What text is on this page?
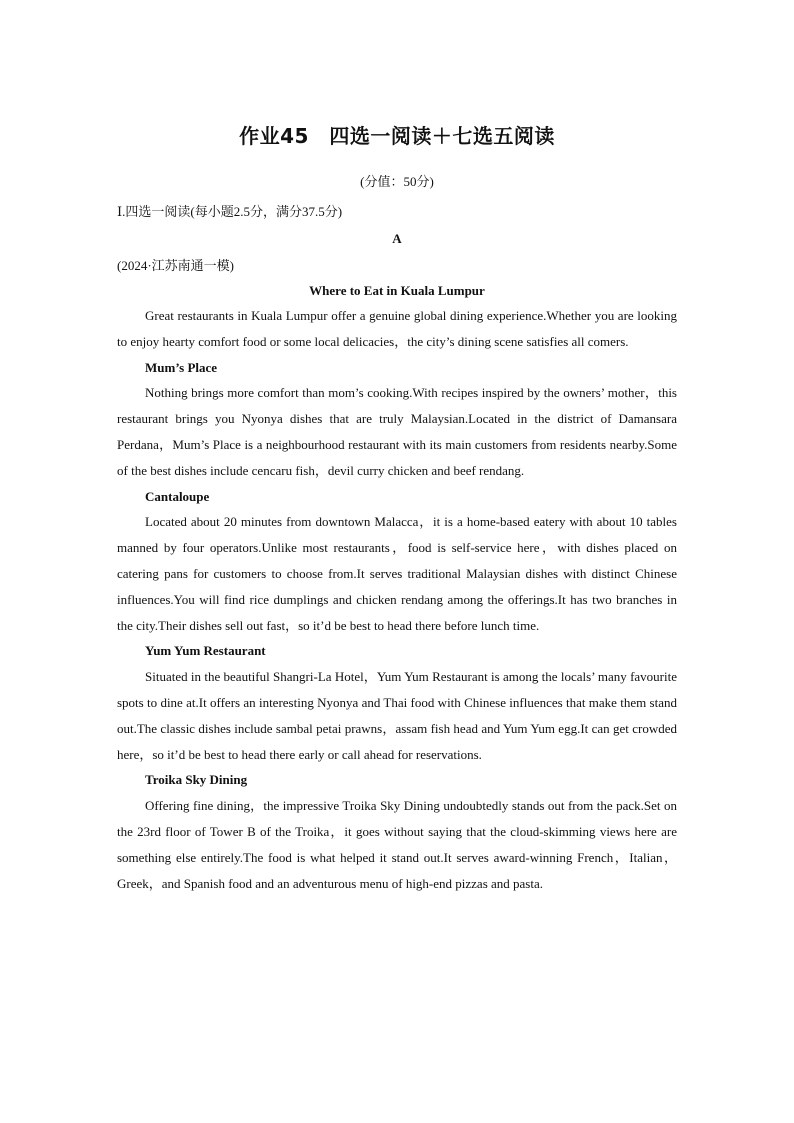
作业45　四选一阅读＋七选五阅读

(分值：50分)

Ⅰ.四选一阅读(每小题2.5分，满分37.5分)

A

(2024·江苏南通一模)

Where to Eat in Kuala Lumpur

Great restaurants in Kuala Lumpur offer a genuine global dining experience.Whether you are looking to enjoy hearty comfort food or some local delicacies，the city’s dining scene satisfies all comers.

Mum’s Place

Nothing brings more comfort than mom’s cooking.With recipes inspired by the owners’ mother，this restaurant brings you Nyonya dishes that are truly Malaysian.Located in the district of Damansara Perdana，Mum’s Place is a neighbourhood restaurant with its main customers from residents nearby.Some of the best dishes include cencaru fish，devil curry chicken and beef rendang.

Cantaloupe

Located about 20 minutes from downtown Malacca，it is a home-based eatery with about 10 tables manned by four operators.Unlike most restaurants，food is self-service here，with dishes placed on catering pans for customers to choose from.It serves traditional Malaysian dishes with distinct Chinese influences.You will find rice dumplings and chicken rendang among the offerings.It has two branches in the city.Their dishes sell out fast，so it’d be best to head there before lunch time.

Yum Yum Restaurant

Situated in the beautiful Shangri-La Hotel，Yum Yum Restaurant is among the locals’ many favourite spots to dine at.It offers an interesting Nyonya and Thai food with Chinese influences that make them stand out.The classic dishes include sambal petai prawns，assam fish head and Yum Yum egg.It can get crowded here，so it’d be best to head there early or call ahead for reservations.

Troika Sky Dining

Offering fine dining，the impressive Troika Sky Dining undoubtedly stands out from the pack.Set on the 23rd floor of Tower B of the Troika，it goes without saying that the cloud-skimming views here are something else entirely.The food is what helped it stand out.It serves award-winning French，Italian，Greek，and Spanish food and an adventurous menu of high-end pizzas and pasta.
